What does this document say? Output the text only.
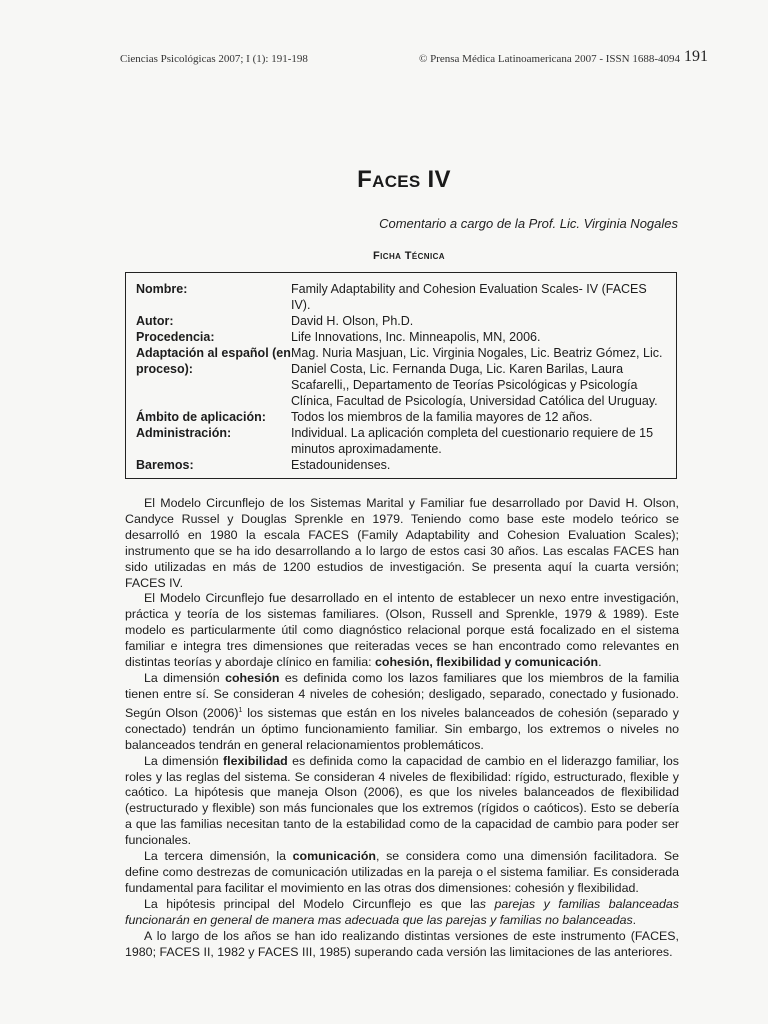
Ciencias Psicológicas 2007; I (1): 191-198	© Prensa Médica Latinoamericana 2007 - ISSN 1688-4094 191
Faces IV
Comentario a cargo de la Prof. Lic. Virginia Nogales
Ficha Técnica
Nombre:	Family Adaptability and Cohesion Evaluation Scales- IV (FACES IV).
Autor:	David H. Olson, Ph.D.
Procedencia:	Life Innovations, Inc. Minneapolis, MN, 2006.
Adaptación al español (en proceso):
Mag. Nuria Masjuan, Lic. Virginia Nogales, Lic. Beatriz Gómez, Lic. Daniel Costa, Lic. Fernanda Duga, Lic. Karen Barilas, Laura Scafarelli,, Departamento de Teorías Psicológicas y Psicología Clínica, Facultad de Psicología, Universidad Católica del Uruguay.
Ámbito de aplicación:	Todos los miembros de la familia mayores de 12 años.
Administración:	Individual. La aplicación completa del cuestionario requiere de 15 minutos aproximadamente.
Baremos:	Estadounidenses.

El Modelo Circunflejo de los Sistemas Marital y Familiar fue desarrollado por David H. Olson, Candyce Russel y Douglas Sprenkle en 1979. Teniendo como base este modelo teórico se desarrolló en 1980 la escala FACES (Family Adaptability and Cohesion Evaluation Scales); instrumento que se ha ido desarrollando a lo largo de estos casi 30 años. Las escalas FACES han sido utilizadas en más de 1200 estudios de investigación. Se presenta aquí la cuarta versión; FACES IV.

El Modelo Circunflejo fue desarrollado en el intento de establecer un nexo entre investigación, práctica y teoría de los sistemas familiares. (Olson, Russell and Sprenkle, 1979 & 1989). Este modelo es particularmente útil como diagnóstico relacional porque está focalizado en el sistema familiar e integra tres dimensiones que reiteradas veces se han encontrado como relevantes en distintas teorías y abordaje clínico en familia: cohesión, flexibilidad y comunicación.

La dimensión cohesión es definida como los lazos familiares que los miembros de la familia tienen entre sí. Se consideran 4 niveles de cohesión; desligado, separado, conectado y fusionado. Según Olson $(2006)^1$ los sistemas que están en los niveles balanceados de cohesión (separado y conectado) tendrán un óptimo funcionamiento familiar. Sin embargo, los extremos o niveles no balanceados tendrán en general relacionamientos problemáticos.

La dimensión flexibilidad es definida como la capacidad de cambio en el liderazgo familiar, los roles y las reglas del sistema. Se consideran 4 niveles de flexibilidad: rígido, estructurado, flexible y caótico. La hipótesis que maneja Olson (2006), es que los niveles balanceados de flexibilidad (estructurado y flexible) son más funcionales que los extremos (rígidos o caóticos). Esto se debería a que las familias necesitan tanto de la estabilidad como de la capacidad de cambio para poder ser funcionales.

La tercera dimensión, la comunicación, se considera como una dimensión facilitadora. Se define como destrezas de comunicación utilizadas en la pareja o el sistema familiar. Es considerada fundamental para facilitar el movimiento en las otras dos dimensiones: cohesión y flexibilidad.

La hipótesis principal del Modelo Circunflejo es que las parejas y familias balanceadas funcionarán en general de manera mas adecuada que las parejas y familias no balanceadas.

A lo largo de los años se han ido realizando distintas versiones de este instrumento (FACES, 1980; FACES II, 1982 y FACES III, 1985) superando cada versión las limitaciones de las anteriores.
